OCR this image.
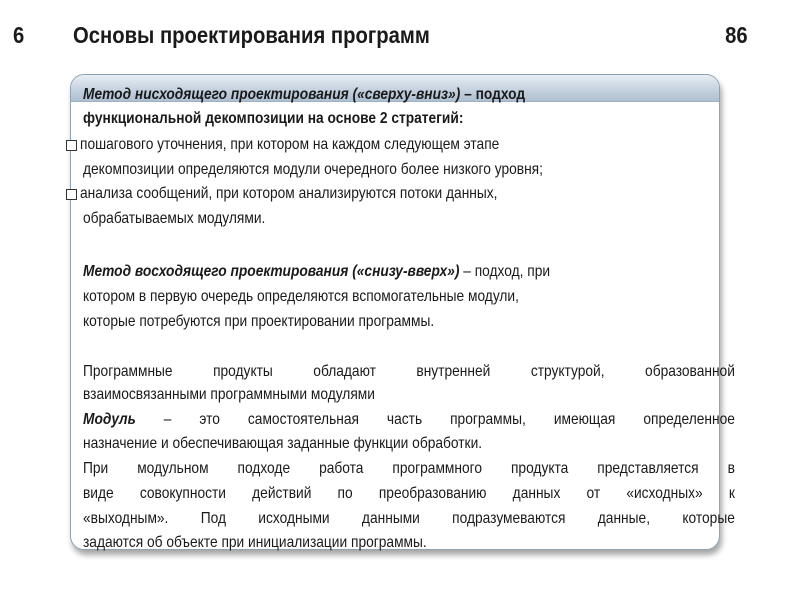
6 Основы проектирования программ	86
Метод нисходящего проектирования («сверху-вниз») – подход
функциональной декомпозиции на основе 2 стратегий:
пошагового уточнения, при котором на каждом следующем этапе
декомпозиции определяются модули очередного более низкого уровня;
анализа сообщений, при котором анализируются потоки данных,
обрабатываемых модулями.
Метод восходящего проектирования («снизу-вверх») – подход, при
котором в первую очередь определяются вспомогательные модули,
которые потребуются при проектировании программы.
Программные продукты обладают внутренней структурой, образованной
взаимосвязанными программными модулями
Модуль – это самостоятельная часть программы, имеющая определенное
назначение и обеспечивающая заданные функции обработки.
При модульном подходе работа программного продукта представляется в
виде совокупности действий по преобразованию данных от «исходных» к
«выходным». Под исходными данными подразумеваются данные, которые
задаются об объекте при инициализации программы.
